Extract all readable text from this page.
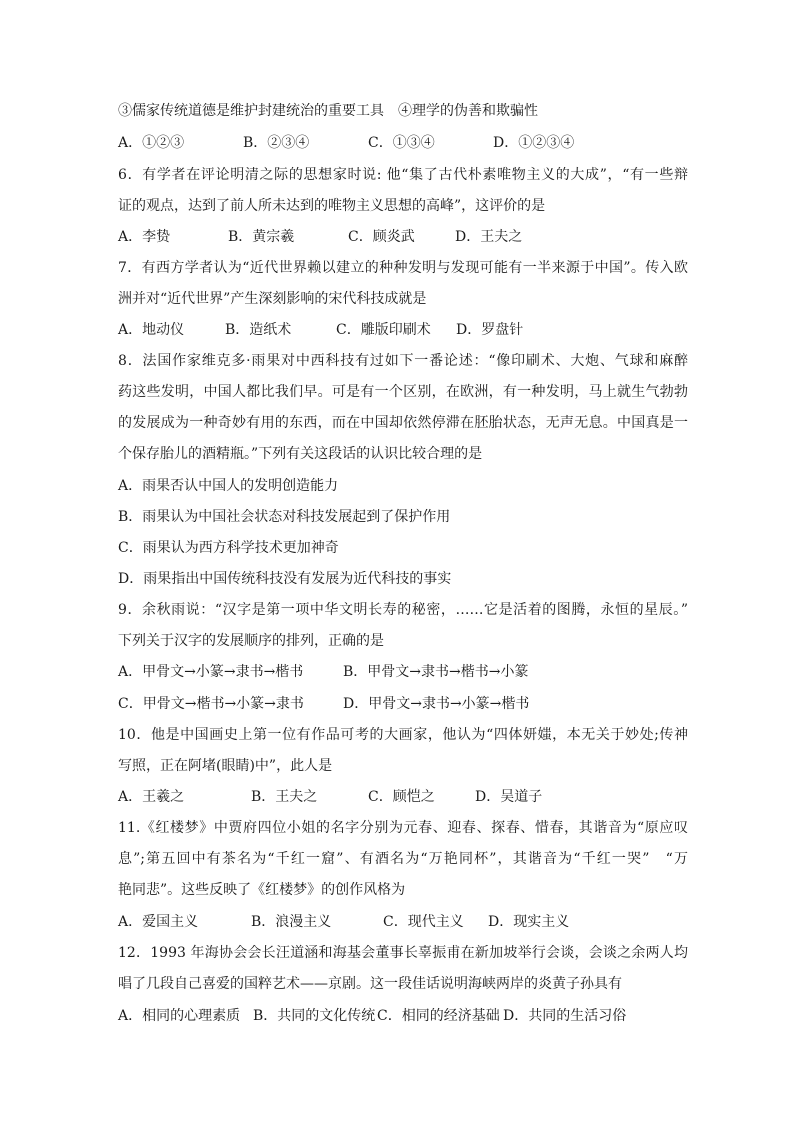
③儒家传统道德是维护封建统治的重要工具　④理学的伪善和欺骗性
A．①②③	B．②③④	C．①③④	D．①②③④
6．有学者在评论明清之际的思想家时说: 他“集了古代朴素唯物主义的大成”，“有一些辩
证的观点，达到了前人所未达到的唯物主义思想的高峰”，这评价的是
A．李贽	B．黄宗羲	C．顾炎武	D．王夫之
7．有西方学者认为“近代世界赖以建立的种种发明与发现可能有一半来源于中国”。传入欧
洲并对“近代世界”产生深刻影响的宋代科技成就是
A．地动仪	B．造纸术	C．雕版印刷术 D．罗盘针
8．法国作家维克多·雨果对中西科技有过如下一番论述：“像印刷术、大炮、气球和麻醉
药这些发明，中国人都比我们早。可是有一个区别，在欧洲，有一种发明，马上就生气勃勃
的发展成为一种奇妙有用的东西，而在中国却依然停滞在胚胎状态，无声无息。中国真是一
个保存胎儿的酒精瓶。”下列有关这段话的认识比较合理的是
A．雨果否认中国人的发明创造能力
B．雨果认为中国社会状态对科技发展起到了保护作用
C．雨果认为西方科学技术更加神奇
D．雨果指出中国传统科技没有发展为近代科技的事实
9．余秋雨说：“汉字是第一项中华文明长寿的秘密，……它是活着的图腾，永恒的星辰。”
下列关于汉字的发展顺序的排列，正确的是
A．甲骨文→小篆→隶书→楷书	B．甲骨文→隶书→楷书→小篆
C．甲骨文→楷书→小篆→隶书	D．甲骨文→隶书→小篆→楷书
10．他是中国画史上第一位有作品可考的大画家，他认为“四体妍媸，本无关于妙处;传神
写照，正在阿堵(眼睛)中”，此人是
A．王羲之	B．王夫之	C．顾恺之	D．吴道子
11.《红楼梦》中贾府四位小姐的名字分别为元春、迎春、探春、惜春，其谐音为“原应叹
息”;第五回中有茶名为“千红一窟”、有酒名为“万艳同杯”，其谐音为“千红一哭”　“万
艳同悲”。这些反映了《红楼梦》的创作风格为
A．爱国主义	B．浪漫主义	C．现代主义 D．现实主义
12．1993 年海协会会长汪道涵和海基会董事长辜振甫在新加坡举行会谈，会谈之余两人均
唱了几段自己喜爱的国粹艺术——京剧。这一段佳话说明海峡两岸的炎黄子孙具有
A．相同的心理素质 B．共同的文化传统 C．相同的经济基础 D．共同的生活习俗
